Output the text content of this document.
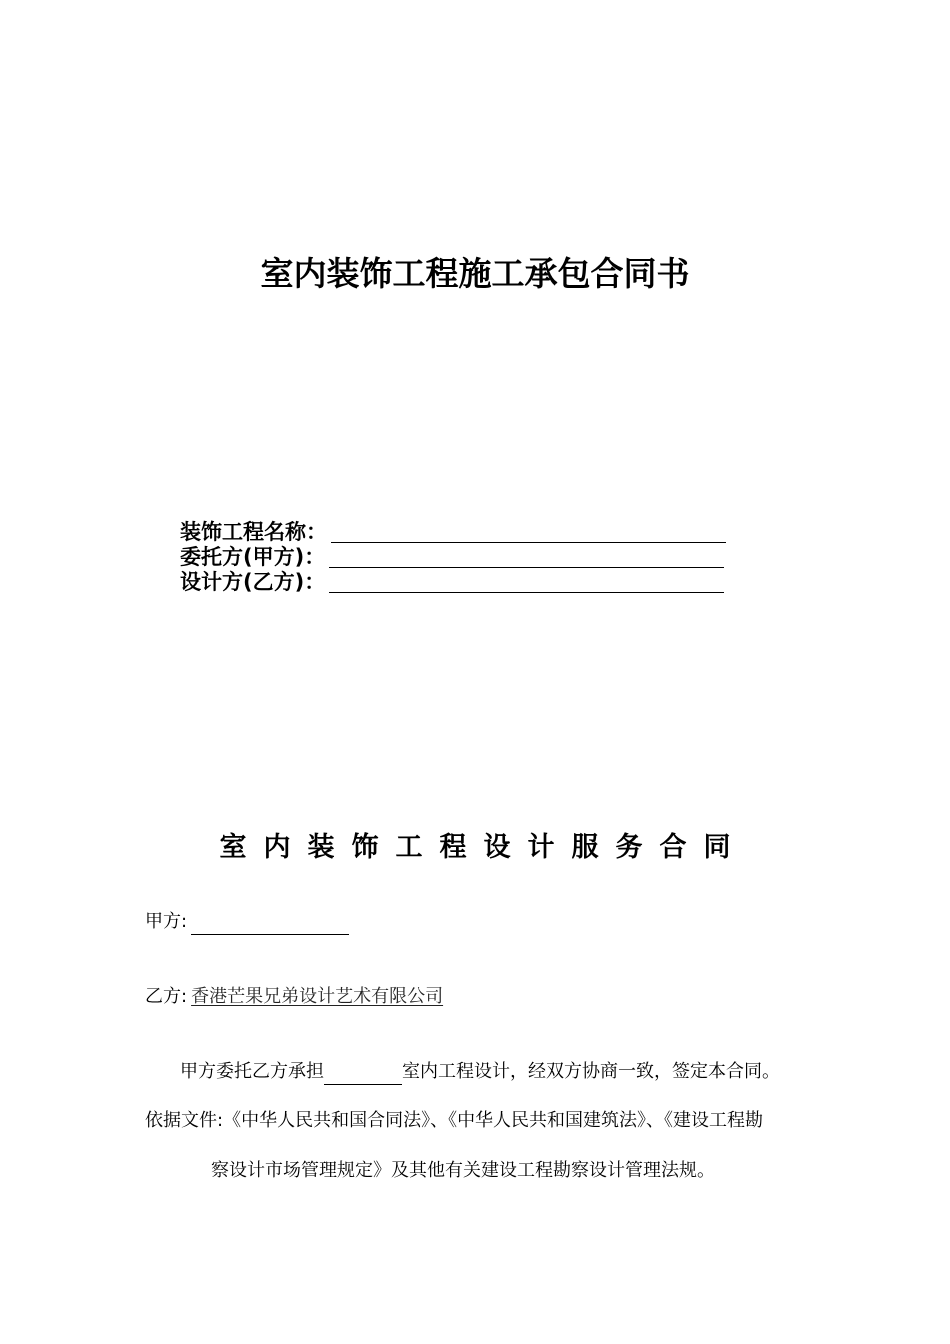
室内装饰工程施工承包合同书
装饰工程名称：
委托方(甲方)：
设计方(乙方)：
室内装饰工程设计服务合同
甲方:
乙方: 香港芒果兄弟设计艺术有限公司
甲方委托乙方承担	室内工程设计，经双方协商一致，签定本合同。
依据文件:《中华人民共和国合同法》、《中华人民共和国建筑法》、《建设工程勘
察设计市场管理规定》及其他有关建设工程勘察设计管理法规。
